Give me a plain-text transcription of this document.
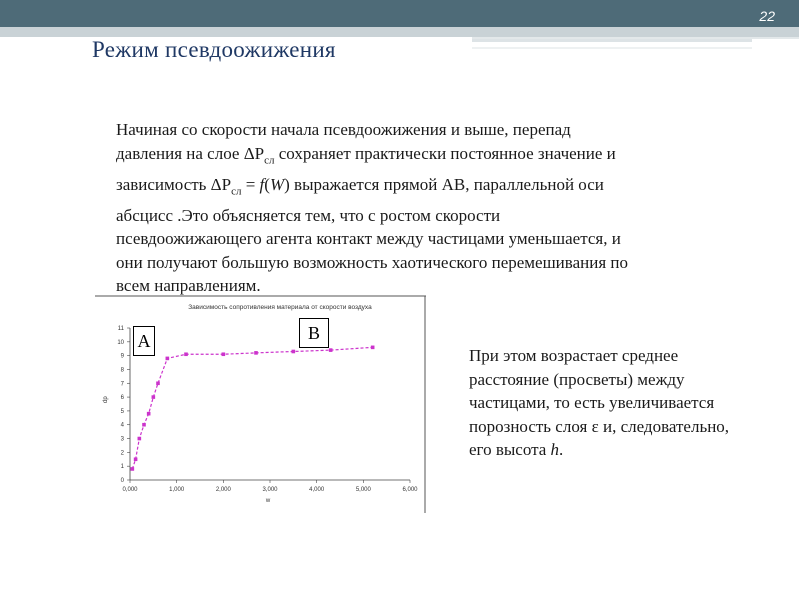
22
Режим псевдоожижения
Начиная со скорости начала псевдоожижения и выше, перепад
давления на слое $\Delta Р_{сл}$ сохраняет практически постоянное значение и
зависимость $\Delta Р_{сл} = f(W)$ выражается прямой АВ, параллельной оси
абсцисс .Это объясняется тем, что с ростом скорости
псевдоожижающего агента контакт между частицами уменьшается, и
они получают большую возможность хаотического перемешивания по
всем направлениям.
При этом возрастает среднее
расстояние (просветы) между
частицами, то есть увеличивается
порозность слоя ε и, следовательно,
его высота h.
Зависимость сопротивления материала от скорости воздуха
0
1
2
3
4
5
6
7
8
9
10
11
0,000	1,000	2,000	3,000	4,000	5,000	6,000
dp
w
А	В
